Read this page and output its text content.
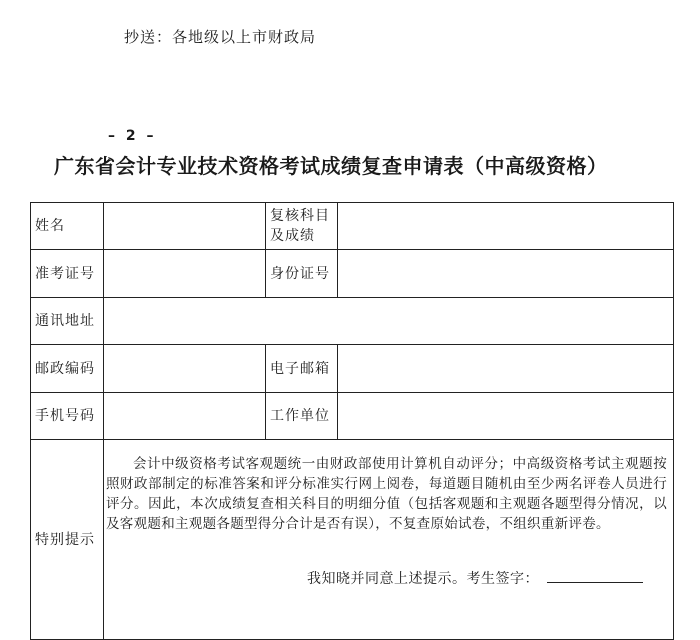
抄送：各地级以上市财政局
– 2 –
广东省会计专业技术资格考试成绩复查申请表（中高级资格）
姓名		复核科目
及成绩	

准考证号		身份证号	
通讯地址			
邮政编码		电子邮箱	
手机号码		工作单位	
特别提示	会计中级资格考试客观题统一由财政部使用计算机自动评分；中高级资格考试主观题按照财政部制定的标准答案和评分标准实行网上阅卷，每道题目随机由至少两名评卷人员进行评分。因此，本次成绩复查相关科目的明细分值（包括客观题和主观题各题型得分情况，以及客观题和主观题各题型得分合计是否有误），不复查原始试卷，不组织重新评卷。
我知晓并同意上述提示。考生签字：		
